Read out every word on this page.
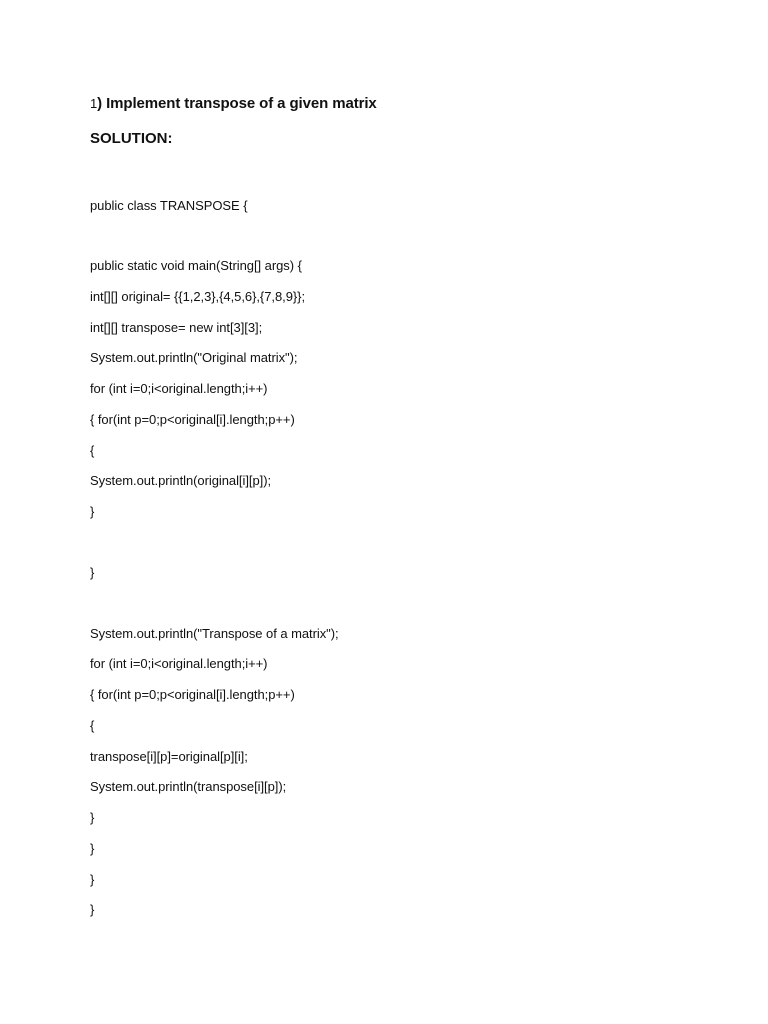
1) Implement transpose of a given matrix
SOLUTION:
public class TRANSPOSE {
public static void main(String[] args) {
int[][] original= {{1,2,3},{4,5,6},{7,8,9}};
int[][] transpose= new int[3][3];
System.out.println("Original matrix");
for (int i=0;i<original.length;i++)
{ for(int p=0;p<original[i].length;p++)
{
System.out.println(original[i][p]);
}
}
System.out.println("Transpose of a matrix");
for (int i=0;i<original.length;i++)
{ for(int p=0;p<original[i].length;p++)
{
transpose[i][p]=original[p][i];
System.out.println(transpose[i][p]);
}
}
}
}
